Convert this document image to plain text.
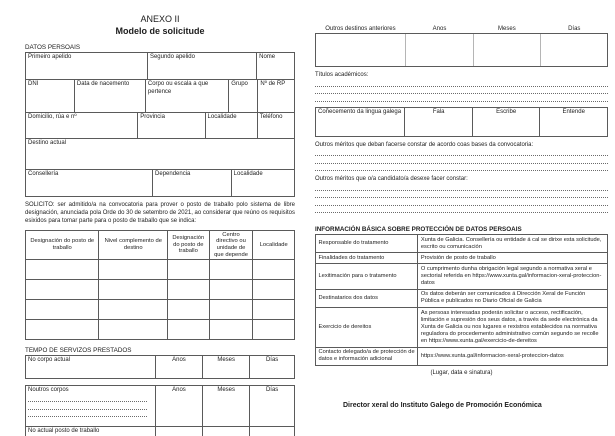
ANEXO II
Modelo de solicitude
DATOS PERSOAIS
Primeiro apelido	Segundo apelido	Nome
DNI	Data de nacemento	Corpo ou escala a que pertence	Grupo	Nº de RP
Domicilio, rúa e nº	Provincia	Localidade	Teléfono
Destino actual
Consellería	Dependencia	Localidade

SOLICITO: ser admitido/a na convocatoria para prover o posto de traballo polo sistema de libre designación, anunciada pola Orde do 30 de setembro de 2021, ao considerar que reúno os requisitos esixidos para tomar parte para o posto de traballo que se indica:

Designación do posto de traballo	Nivel complemento de destino	Designación do posto de traballo	Centro directivo ou unidade de que depende	Localidade

TEMPO DE SERVIZOS PRESTADOS
No corpo actual	Anos	Meses	Días
Noutros corpos	Anos	Meses	Días
No actual posto de traballo			
Outros destinos anteriores	Anos	Meses	Días
Títulos académicos:
Coñecemento da lingua galega	Fala	Escribe	Entende
Outros méritos que deban facerse constar de acordo coas bases da convocatoria:
Outros méritos que o/a candidato/a desexe facer constar:
INFORMACIÓN BÁSICA SOBRE PROTECCIÓN DE DATOS PERSOAIS
Responsable do tratamento	Xunta de Galicia. Consellería ou entidade á cal se dirixe esta solicitude, escrito ou comunicación
Finalidades do tratamento	Provisión de posto de traballo
Lexitimación para o tratamento	O cumprimento dunha obrigación legal segundo a normativa xeral e sectorial referida en https://www.xunta.gal/informacion-xeral-proteccion-datos
Destinatarios dos datos	Os datos deberán ser comunicados á Dirección Xeral de Función Pública e publicados no Diario Oficial de Galicia
Exercicio de dereitos	As persoas interesadas poderán solicitar o acceso, rectificación, limitación e supresión dos seus datos, a través da sede electrónica da Xunta de Galicia ou nos lugares e rexistros establecidos na normativa reguladora do procedemento administrativo común segundo se recolle en https://www.xunta.gal/exercicio-de-dereitos
Contacto delegado/a de protección de datos e información adicional	https://www.xunta.gal/informacion-xeral-proteccion-datos
(Lugar, data e sinatura)
Director xeral do Instituto Galego de Promoción Económica
